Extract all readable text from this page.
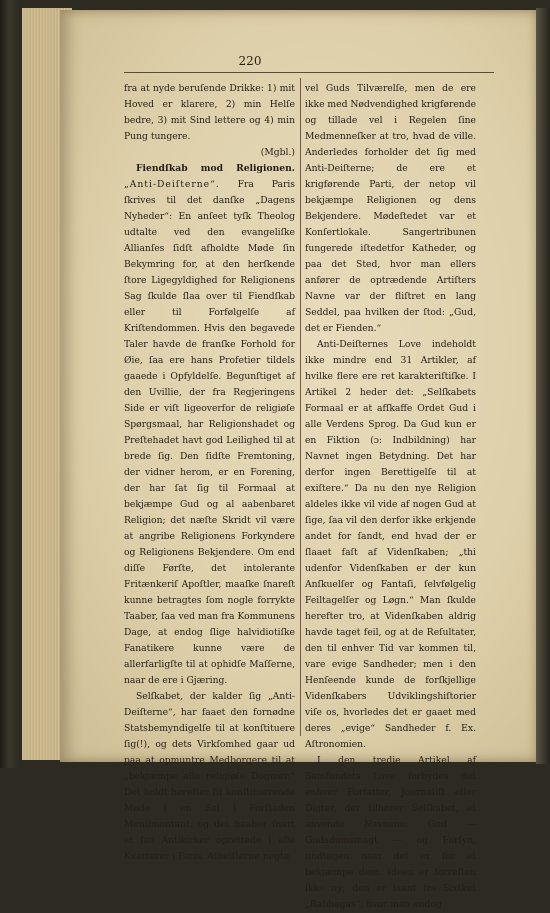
220

fra at nyde beruſende Drikke: 1) mit Hoved er klarere, 2) min Helſe bedre, 3) mit Sind lettere og 4) min Pung tungere.
(Mgbl.)

Fiendſkab mod Religionen. „Anti-Deiſterne“. Fra Paris ſkrives til det danſke „Dagens Nyheder“: En anſeet tyſk Theolog udtalte ved den evangeliſke Allianſes ſidſt afholdte Møde ſin Bekymring for, at den herſkende ſtore Ligegyldighed for Religionens Sag ſkulde ſlaa over til Fiendſkab eller til Forfølgelſe af Kriſtendommen. Hvis den begavede Taler havde de franſke Forhold for Øie, ſaa ere hans Profetier tildels gaaede i Opfyldelſe. Begunſtiget af den Uvillie, der fra Regjeringens Side er viſt ligeoverfor de religiøſe Spørgsmaal, har Religionshadet og Preſtehadet havt god Leilighed til at brede ſig. Den ſidſte Fremtoning, der vidner herom, er en Forening, der har ſat ſig til Formaal at bekjæmpe Gud og al aabenbaret Religion; det næſte Skridt vil være at angribe Religionens Forkyndere og Religionens Bekjendere. Om end diſſe Førſte, det intolerante Fritænkeriſ Apoſtler, maaſke ſnareſt kunne betragtes ſom nogle forrykte Taaber, ſaa ved man fra Kommunens Dage, at endog ſlige halvidiotiſke Fanatikere kunne være de allerfarligſte til at ophidſe Maſſerne, naar de ere i Gjæring.

Selſkabet, der kalder ſig „Anti-Deiſterne“, har faaet den fornødne Statsbemyndigelſe til at konſtituere ſig(!), og dets Virkſomhed gaar ud paa at opmuntre Medborgere til at „bekjæmpe alle religiøſe Dogmer.“ Det holdt herefter ſit konſtituerende Møde i en Sal i Forſtaden Menilmontant, og det haaber ſnart at faa Antikirker oprettede i alle Kvarterer i Paris. Atheiſterne negte

vel Guds Tilværelſe, men de ere ikke med Nødvendighed krigførende og tillade vel i Regelen ſine Medmenneſker at tro, hvad de ville. Anderledes forholder det ſig med Anti-Deiſterne; de ere et krigførende Parti, der netop vil bekjæmpe Religionen og dens Bekjendere. Mødeſtedet var et Konſertlokale. Sangertribunen fungerede iſtedetfor Katheder, og paa det Sted, hvor man ellers anfører de optrædende Artiſters Navne var der fliſtret en lang Seddel, paa hvilken der ſtod: „Gud, det er Fienden.“

Anti-Deiſternes Love indeholdt ikke mindre end 31 Artikler, af hvilke flere ere ret karakteriſtiſke. I Artikel 2 heder det: „Selſkabets Formaal er at afſkaffe Ordet Gud i alle Verdens Sprog. Da Gud kun er en Fiktion (ɔ: Indbildning) har Navnet ingen Betydning. Det har derfor ingen Berettigelſe til at exiſtere.“ Da nu den nye Religion aldeles ikke vil vide af nogen Gud at ſige, ſaa vil den derfor ikke erkjende andet for ſandt, end hvad der er ſlaaet faſt af Videnſkaben; „thi udenfor Videnſkaben er der kun Anſkuelſer og Fantaſi, ſelvfølgelig Feiltagelſer og Løgn.“ Man ſkulde herefter tro, at Videnſkaben aldrig havde taget feil, og at de Reſultater, den til enhver Tid var kommen til, vare evige Sandheder; men i den Henſeende kunde de forſkjellige Videnſkabers Udviklingshiſtorier viſe os, hvorledes det er gaaet med deres „evige“ Sandheder f. Ex. Aſtronomien.

I den tredie Artikel af Samfundets Love forbydes det enhver Forfatter, Journaliſt eller Digter, der tilhører Selſkabet, at anvende Navnene: Gud — Gudsdumsmagt — og Forſyn, undtagen naar det er for at bekjæmpe dem. Ideen er forreſten ikke ny; den er laant fra Sixtket „Rabbagas“, hvor man endog
